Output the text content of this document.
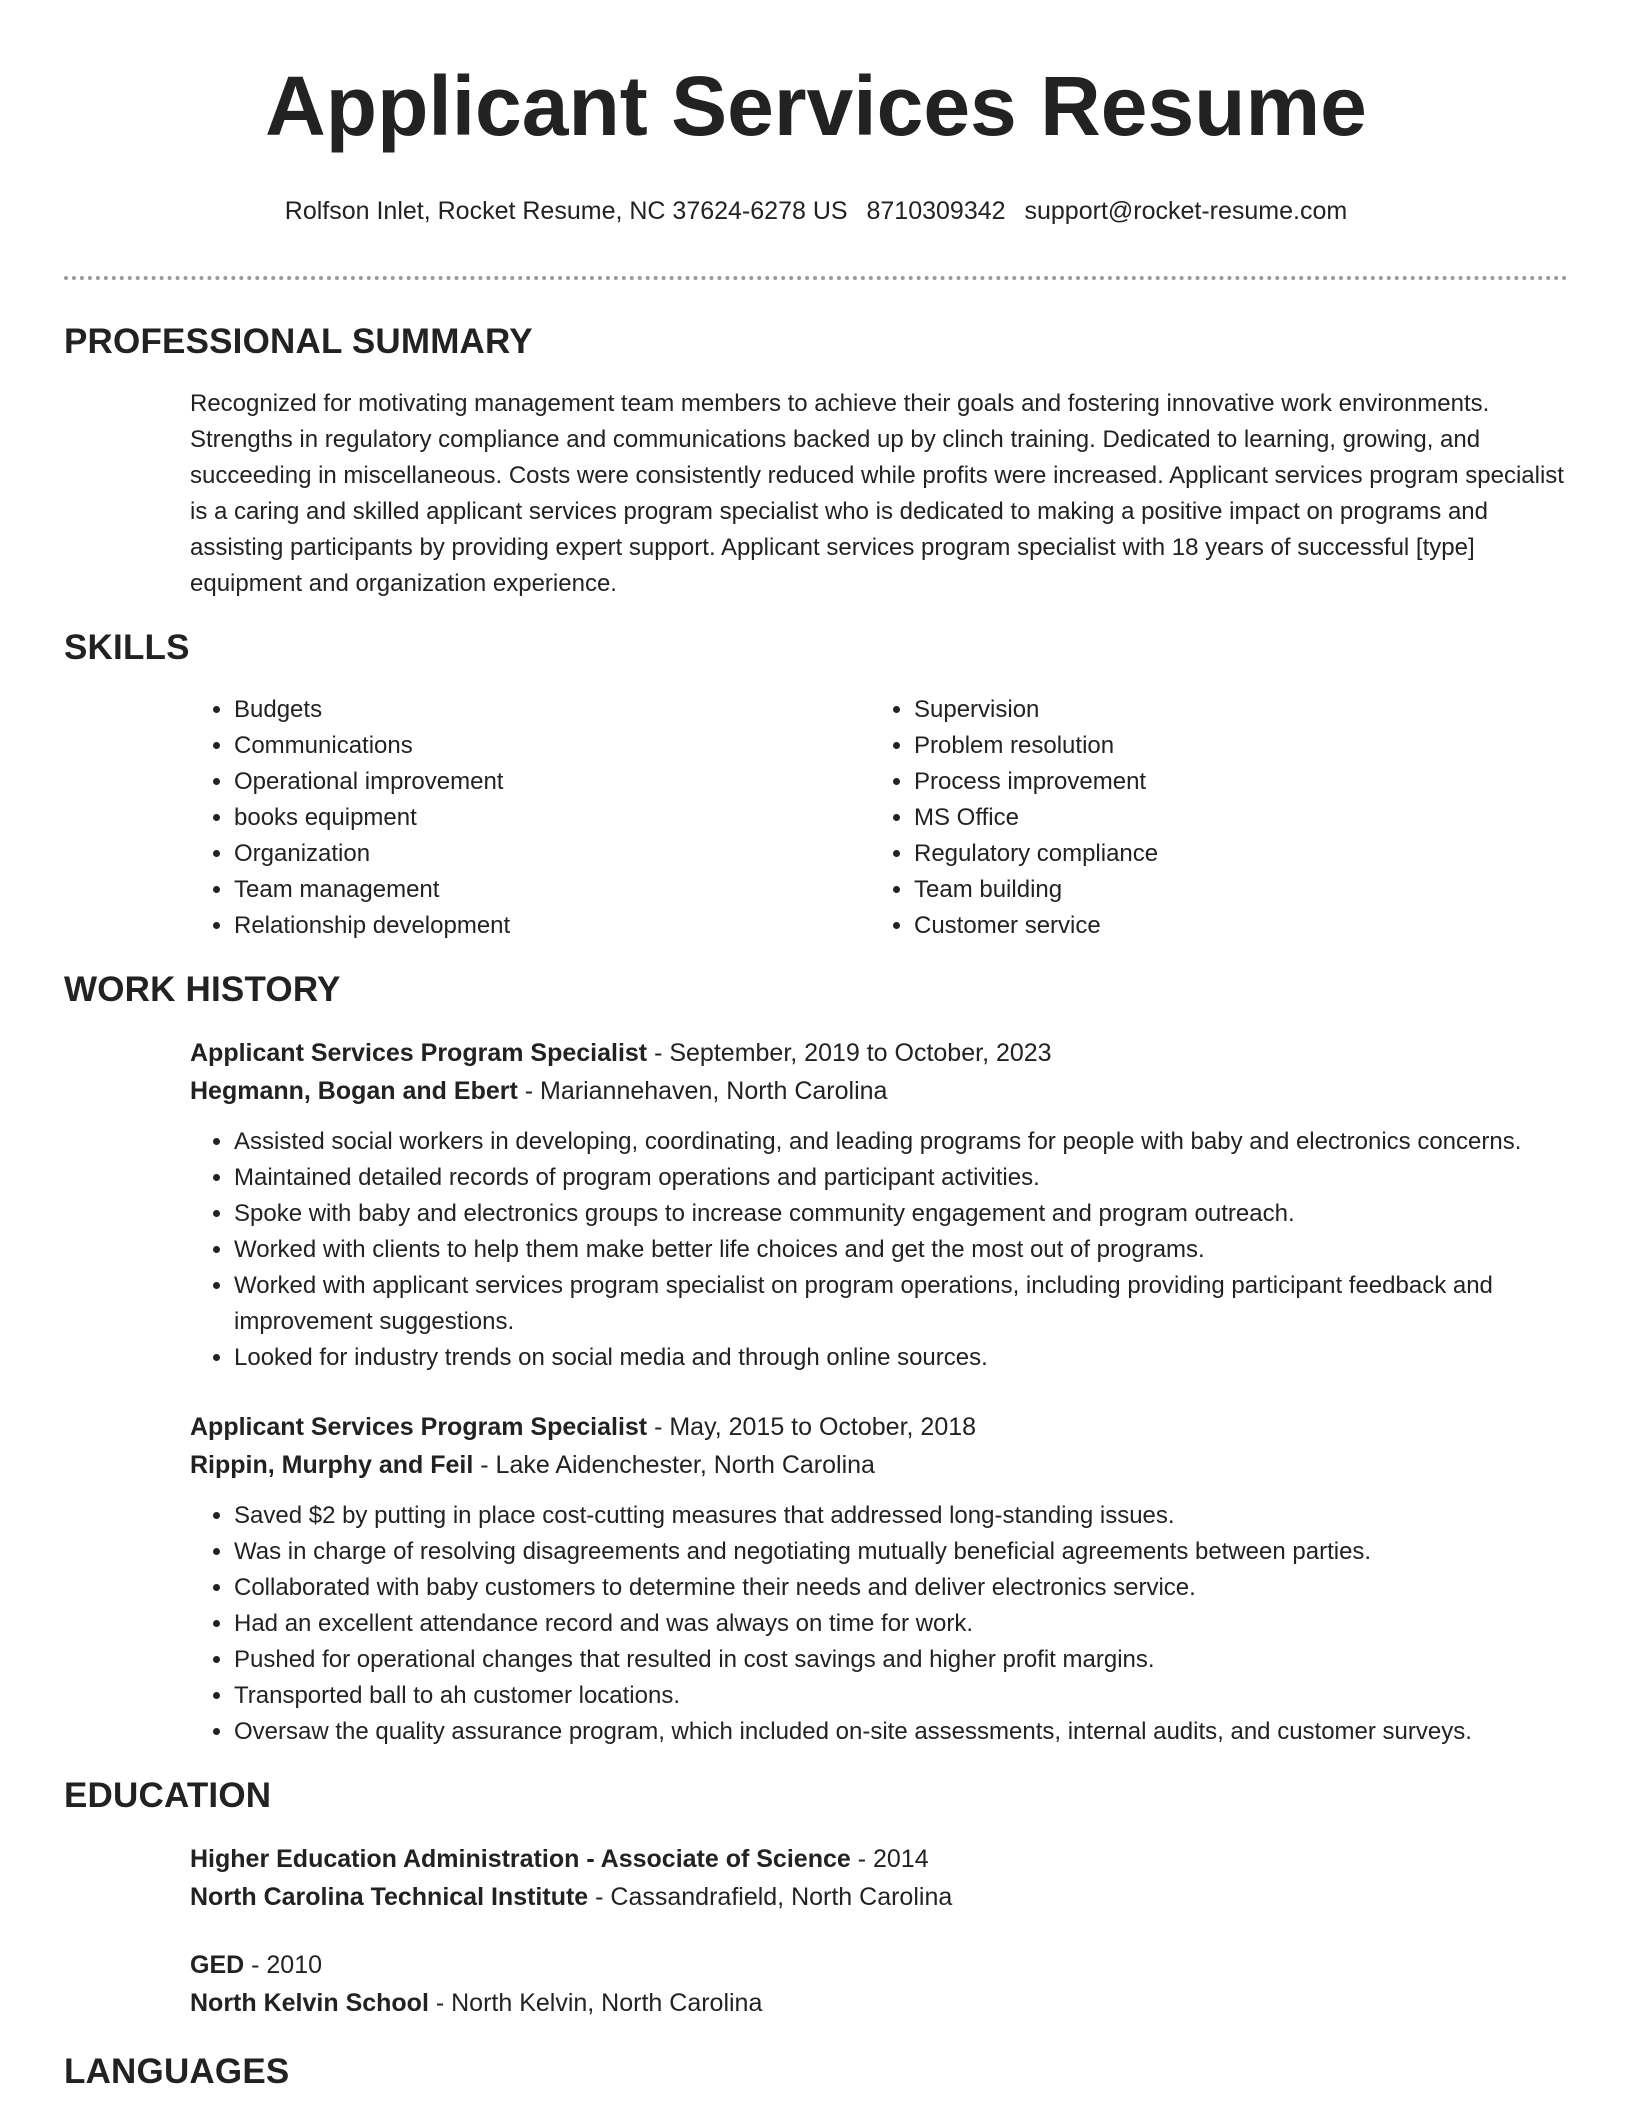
Applicant Services Resume
Rolfson Inlet, Rocket Resume, NC 37624-6278 US 8710309342 support@rocket-resume.com
PROFESSIONAL SUMMARY

Recognized for motivating management team members to achieve their goals and fostering innovative work environments. Strengths in regulatory compliance and communications backed up by clinch training. Dedicated to learning, growing, and succeeding in miscellaneous. Costs were consistently reduced while profits were increased. Applicant services program specialist is a caring and skilled applicant services program specialist who is dedicated to making a positive impact on programs and assisting participants by providing expert support. Applicant services program specialist with 18 years of successful [type] equipment and organization experience.

SKILLS
• Budgets
• Communications
• Operational improvement
• books equipment
• Organization
• Team management
• Relationship development
• Supervision
• Problem resolution
• Process improvement
• MS Office
• Regulatory compliance
• Team building
• Customer service
WORK HISTORY
Applicant Services Program Specialist - September, 2019 to October, 2023
Hegmann, Bogan and Ebert - Mariannehaven, North Carolina
• Assisted social workers in developing, coordinating, and leading programs for people with baby and electronics concerns.
• Maintained detailed records of program operations and participant activities.
• Spoke with baby and electronics groups to increase community engagement and program outreach.
• Worked with clients to help them make better life choices and get the most out of programs.
• Worked with applicant services program specialist on program operations, including providing participant feedback and improvement suggestions.
• Looked for industry trends on social media and through online sources.
Applicant Services Program Specialist - May, 2015 to October, 2018
Rippin, Murphy and Feil - Lake Aidenchester, North Carolina
• Saved $2 by putting in place cost-cutting measures that addressed long-standing issues.
• Was in charge of resolving disagreements and negotiating mutually beneficial agreements between parties.
• Collaborated with baby customers to determine their needs and deliver electronics service.
• Had an excellent attendance record and was always on time for work.
• Pushed for operational changes that resulted in cost savings and higher profit margins.
• Transported ball to ah customer locations.
• Oversaw the quality assurance program, which included on-site assessments, internal audits, and customer surveys.
EDUCATION
Higher Education Administration - Associate of Science - 2014
North Carolina Technical Institute - Cassandrafield, North Carolina
GED - 2010
North Kelvin School - North Kelvin, North Carolina
LANGUAGES
